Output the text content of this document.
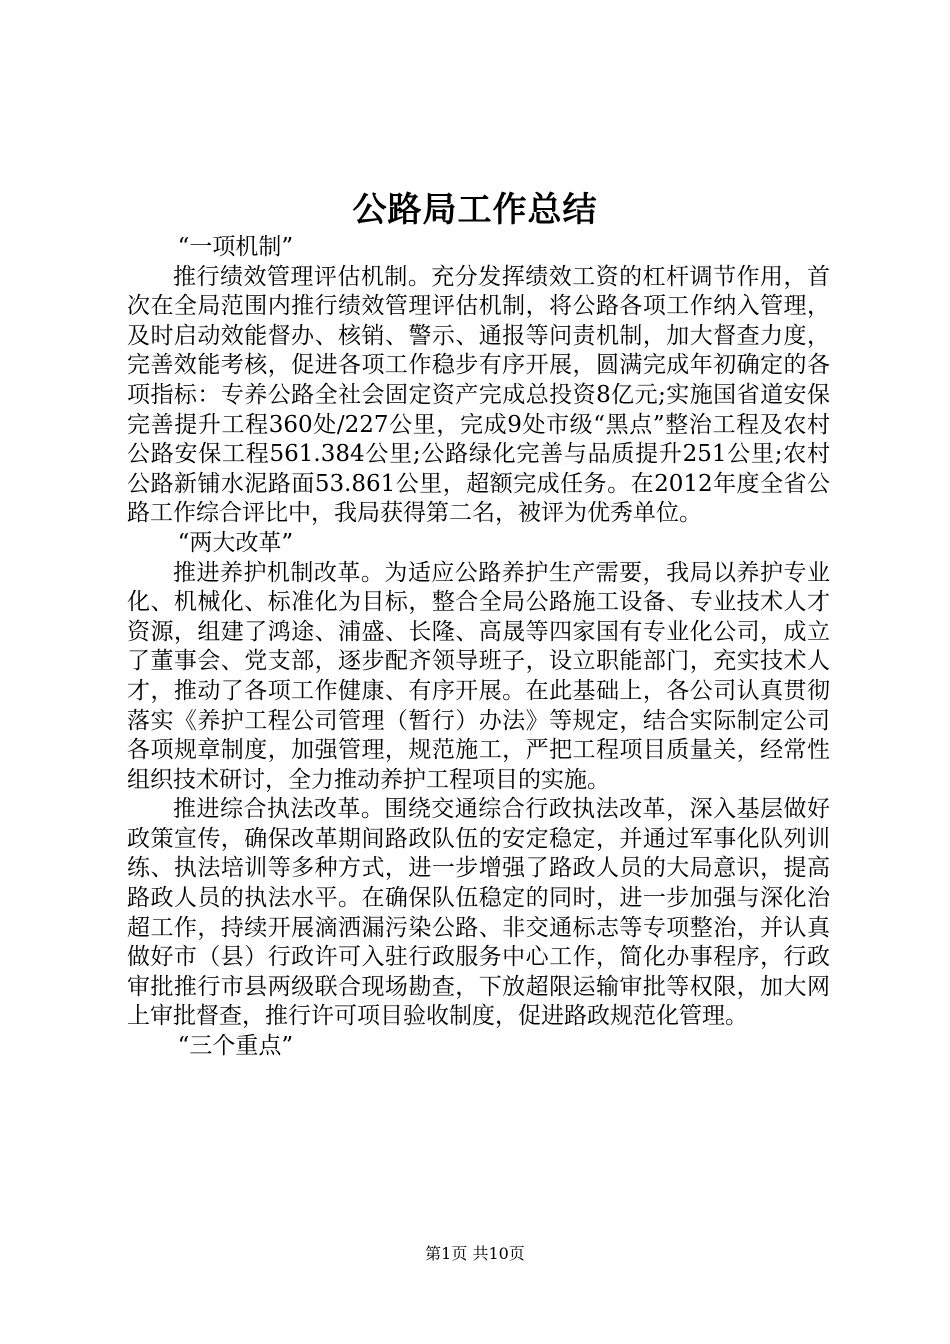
公路局工作总结

“一项机制”

推行绩效管理评估机制。充分发挥绩效工资的杠杆调节作用，首次在全局范围内推行绩效管理评估机制，将公路各项工作纳入管理，及时启动效能督办、核销、警示、通报等问责机制，加大督查力度，完善效能考核，促进各项工作稳步有序开展，圆满完成年初确定的各项指标：专养公路全社会固定资产完成总投资8亿元;实施国省道安保完善提升工程360处/227公里，完成9处市级“黑点”整治工程及农村公路安保工程561.384公里;公路绿化完善与品质提升251公里;农村公路新铺水泥路面53.861公里，超额完成任务。在2012年度全省公路工作综合评比中，我局获得第二名，被评为优秀单位。

“两大改革”

推进养护机制改革。为适应公路养护生产需要，我局以养护专业化、机械化、标准化为目标，整合全局公路施工设备、专业技术人才资源，组建了鸿途、浦盛、长隆、高晟等四家国有专业化公司，成立了董事会、党支部，逐步配齐领导班子，设立职能部门，充实技术人才，推动了各项工作健康、有序开展。在此基础上，各公司认真贯彻落实《养护工程公司管理（暂行）办法》等规定，结合实际制定公司各项规章制度，加强管理，规范施工，严把工程项目质量关，经常性组织技术研讨，全力推动养护工程项目的实施。

推进综合执法改革。围绕交通综合行政执法改革，深入基层做好政策宣传，确保改革期间路政队伍的安定稳定，并通过军事化队列训练、执法培训等多种方式，进一步增强了路政人员的大局意识，提高路政人员的执法水平。在确保队伍稳定的同时，进一步加强与深化治超工作，持续开展滴洒漏污染公路、非交通标志等专项整治，并认真做好市（县）行政许可入驻行政服务中心工作，简化办事程序，行政审批推行市县两级联合现场勘查，下放超限运输审批等权限，加大网上审批督查，推行许可项目验收制度，促进路政规范化管理。

“三个重点”

第1页 共10页
